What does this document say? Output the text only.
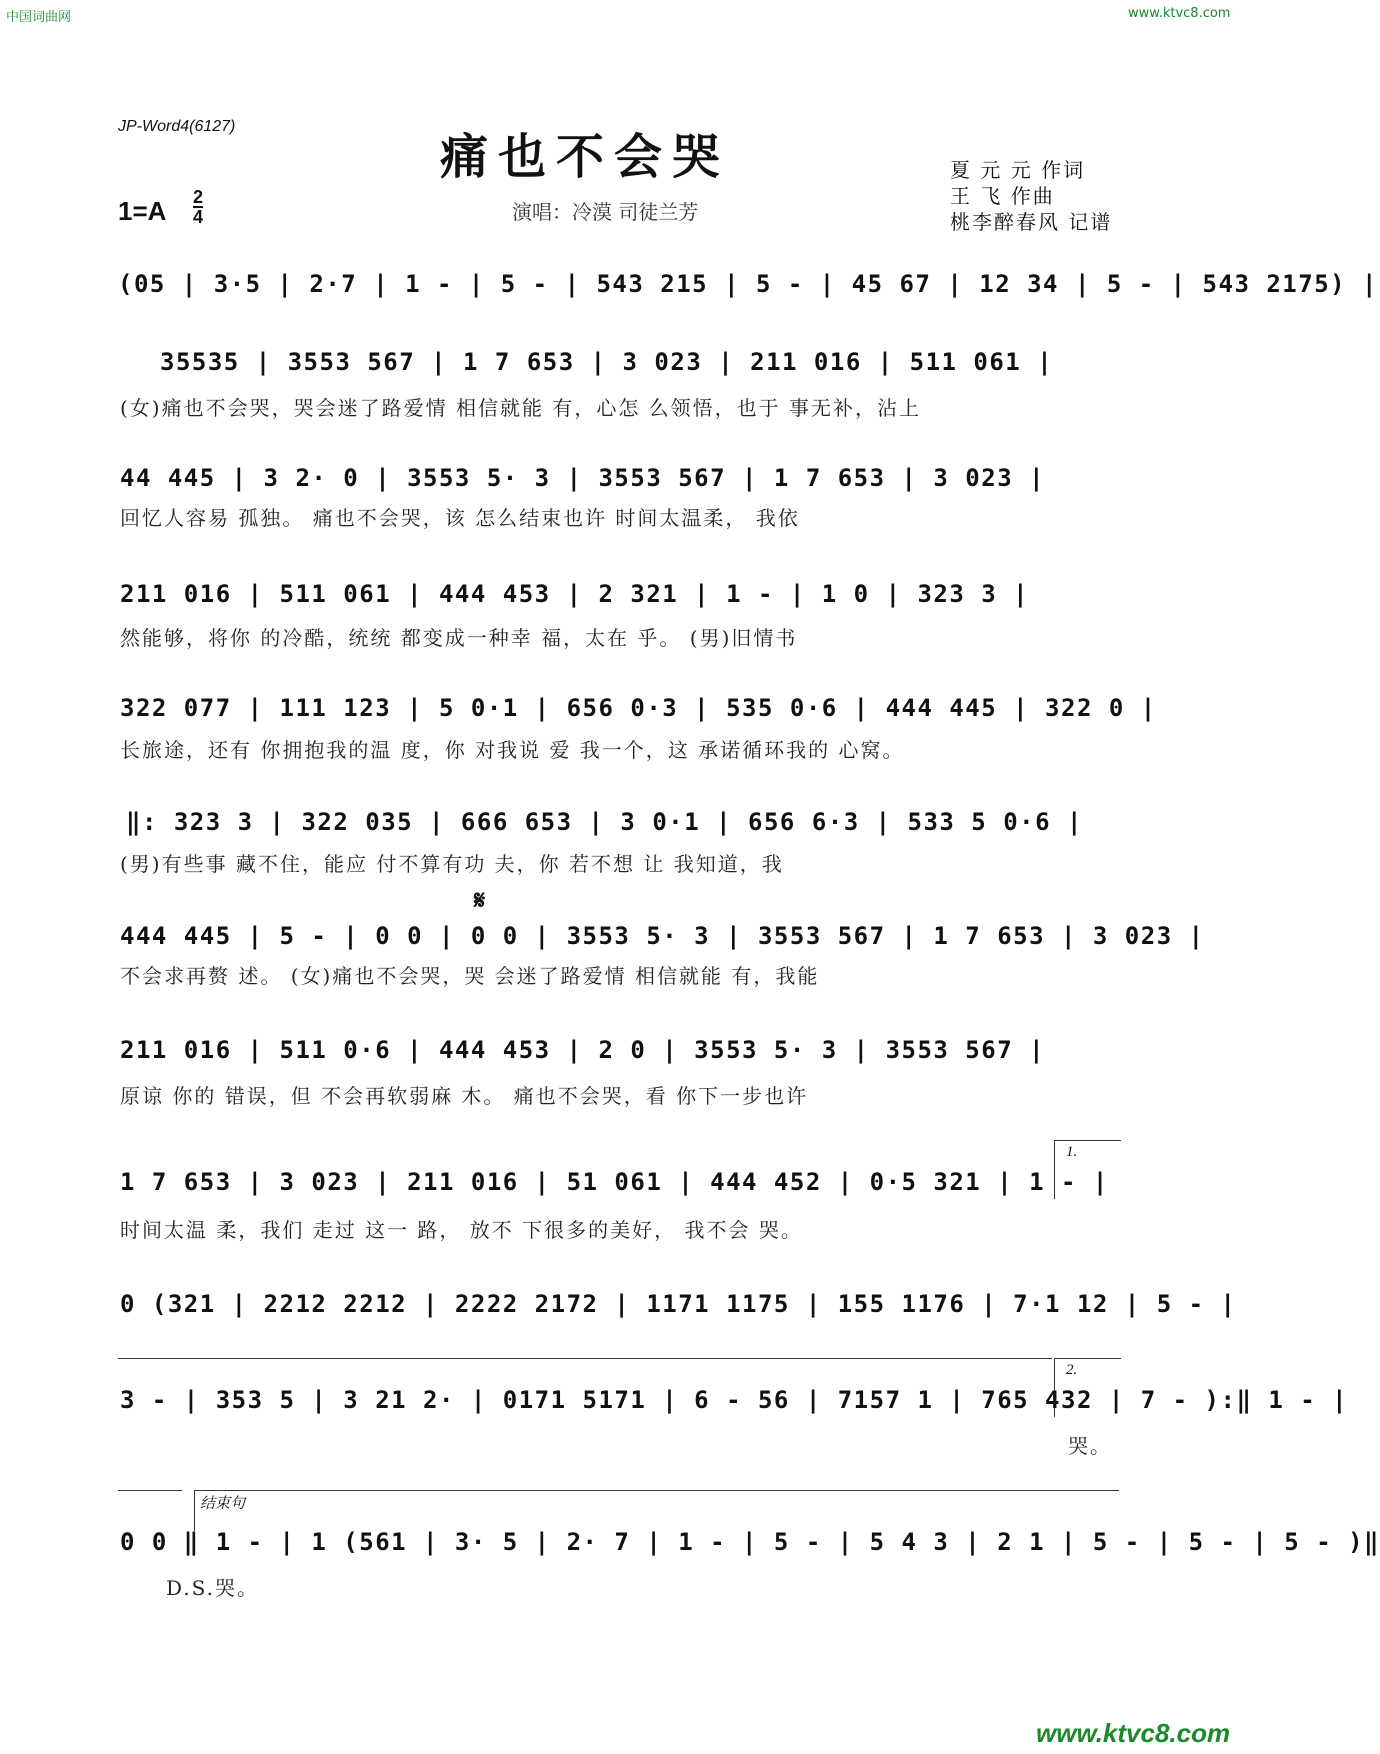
中国词曲网	www.ktvc8.com
JP-Word4(6127)
痛也不会哭
演唱：冷漠 司徒兰芳
夏 元 元 作词
王 飞 作曲
桃李醉春风 记谱
$1=A \frac{2}{4}$
(05 | 3·5 | 2·7 | 1 - | 5 - | 543 215 | 5 - | 45 67 | 12 34 | 5 - | 543 2175) |
35535 | 3553 567 | 1 7 653 | 3 023 | 211 016 | 511 061 |
(女)痛也不会哭，哭会迷了路爱情 相信就能 有，心怎 么领悟，也于 事无补，沾上
44 445 | 3 2· 0 | 3553 5· 3 | 3553 567 | 1 7 653 | 3 023 |
回忆人容易 孤独。 痛也不会哭，该 怎么结束也许 时间太温柔， 我依
211 016 | 511 061 | 444 453 | 2 321 | 1 - | 1 0 | 323 3 |
然能够，将你 的冷酷，统统 都变成一种幸 福，太在 乎。 (男)旧情书
322 077 | 111 123 | 5 0·1 | 656 0·3 | 535 0·6 | 444 445 | 322 0 |
长旅途，还有 你拥抱我的温 度，你 对我说 爱 我一个，这 承诺循环我的 心窝。
‖: 323 3 | 322 035 | 666 653 | 3 0·1 | 656 6·3 | 533 5 0·6 |
(男)有些事 藏不住，能应 付不算有功 夫，你 若不想 让 我知道，我
𝄋
444 445 | 5 - | 0 0 | 0 0 | 3553 5· 3 | 3553 567 | 1 7 653 | 3 023 |
不会求再赘 述。 (女)痛也不会哭，哭 会迷了路爱情 相信就能 有，我能
211 016 | 511 0·6 | 444 453 | 2 0 | 3553 5· 3 | 3553 567 |
原谅 你的 错误，但 不会再软弱麻 木。 痛也不会哭，看 你下一步也许
1.
1 7 653 | 3 023 | 211 016 | 51 061 | 444 452 | 0·5 321 | 1 - |
时间太温 柔，我们 走过 这一 路， 放不 下很多的美好， 我不会 哭。
0 (321 | 2212 2212 | 2222 2172 | 1171 1175 | 155 1176 | 7·1 12 | 5 - |
2.
3 - | 353 5 | 3 21 2· | 0171 5171 | 6 - 56 | 7157 1 | 765 432 | 7 - ):‖ 1 - |
哭。
结束句
0 0 ‖ 1 - | 1 (561 | 3· 5 | 2· 7 | 1 - | 5 - | 5 4 3 | 2 1 | 5 - | 5 - | 5 - )‖
D.S.哭。
www.ktvc8.com
